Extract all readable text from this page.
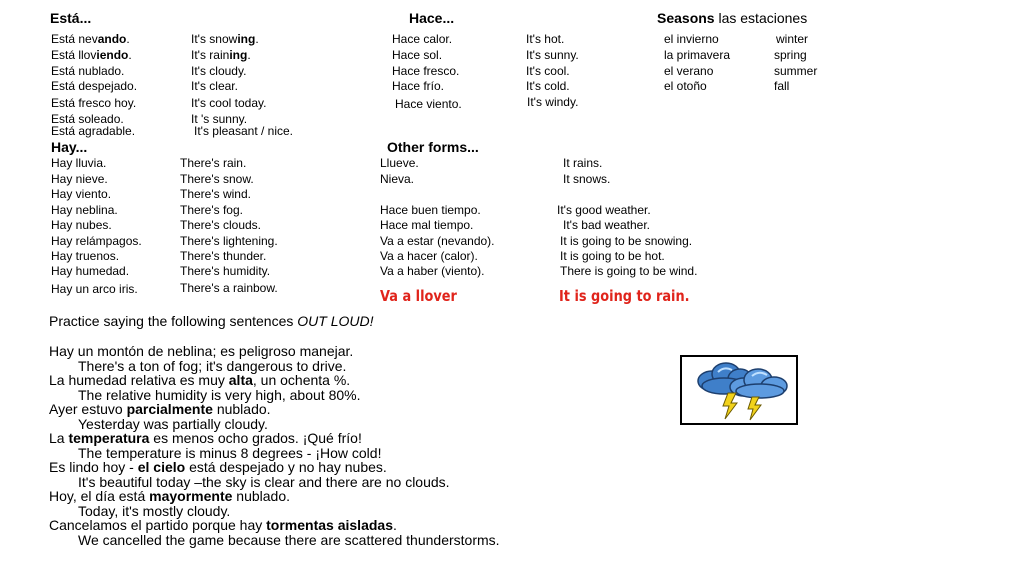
Está...	Hace...	Seasons las estaciones
Está nevando.	It's snowing.
Está lloviendo.	It's raining.
Está nublado.	It's cloudy.
Está despejado.	It's clear.
Está fresco hoy.	It's cool today.
Está soleado.	It 's sunny.
Está agradable.	It's pleasant / nice.
Hace calor.	It's hot.
Hace sol.	It's sunny.
Hace fresco.	It's cool.
Hace frío.	It's cold.
Hace viento.	It's windy.
el invierno	winter
la primavera	spring
el verano	summer
el otoño	fall
Hay...	Other forms...
Hay lluvia.	There's rain.
Hay nieve.	There's snow.
Hay viento.	There's wind.
Hay neblina.	There's fog.
Hay nubes.	There's clouds.
Hay relámpagos.	There's lightening.
Hay truenos.	There's thunder.
Hay humedad.	There's humidity.
Hay un arco iris.	There's a rainbow.
Llueve.	It rains.
Nieva.	It snows.
Hace buen tiempo.	It's good weather.
Hace mal tiempo.	It's bad weather.
Va a estar (nevando).	It is going to be snowing.
Va a hacer (calor).	It is going to be hot.
Va a haber (viento).	There is going to be wind.
Va a llover	It is going to rain.
Practice saying the following sentences OUT LOUD!
Hay un montón de neblina; es peligroso manejar.
There's a ton of fog; it's dangerous to drive.
La humedad relativa es muy alta, un ochenta %.
The relative humidity is very high, about 80%.
Ayer estuvo parcialmente nublado.
Yesterday was partially cloudy.
La temperatura es menos ocho grados. ¡Qué frío!
The temperature is minus 8 degrees - ¡How cold!
Es lindo hoy - el cielo está despejado y no hay nubes.
It's beautiful today –the sky is clear and there are no clouds.
Hoy, el día está mayormente nublado.
Today, it's mostly cloudy.
Cancelamos el partido porque hay tormentas aisladas.
We cancelled the game because there are scattered thunderstorms.
